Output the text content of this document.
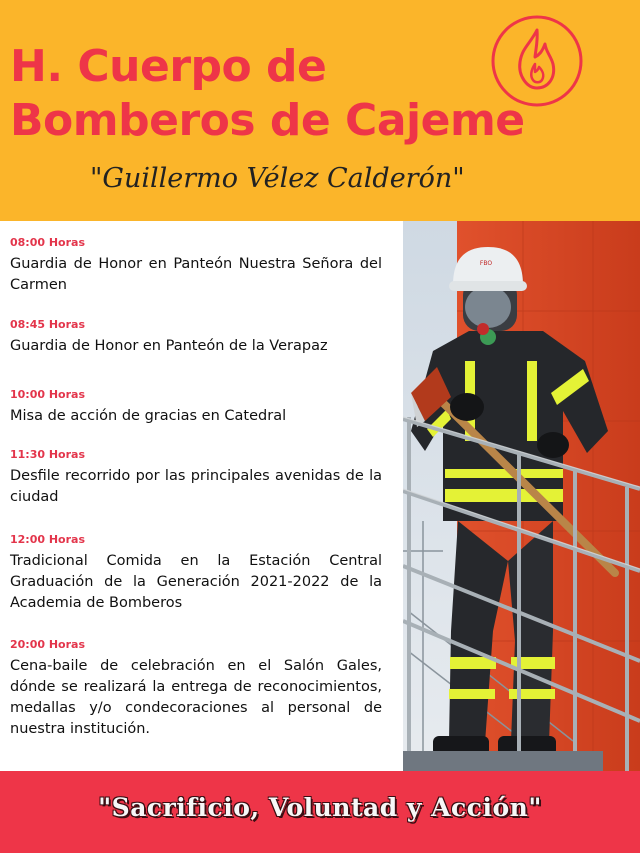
H. Cuerpo de
Bomberos de Cajeme
"Guillermo Vélez Calderón"
08:00 Horas
Guardia de Honor en Panteón Nuestra Señora del Carmen
08:45 Horas
Guardia de Honor en Panteón de la Verapaz
10:00 Horas
Misa de acción de gracias en Catedral
11:30 Horas
Desfile recorrido por las principales avenidas de la ciudad
12:00 Horas
Tradicional Comida en la Estación Central Graduación de la Generación 2021-2022 de la Academia de Bomberos
20:00 Horas
Cena-baile de celebración en el Salón Gales, dónde se realizará la entrega de reconocimientos, medallas y/o condecoraciones al personal de nuestra institución.
FBO
"Sacrificio, Voluntad y Acción"
